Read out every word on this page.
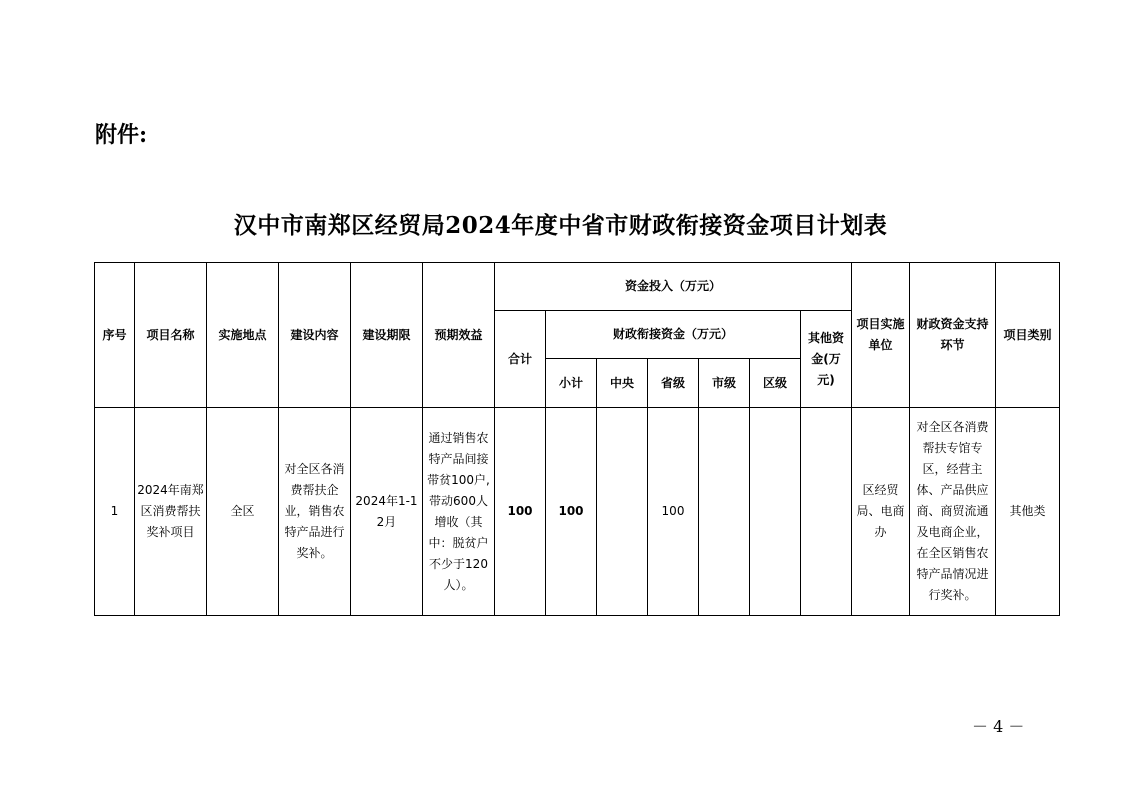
附件:
汉中市南郑区经贸局2024年度中省市财政衔接资金项目计划表
序号	项目名称	实施地点	建设内容	建设期限	预期效益	资金投入（万元）							项目实施单位	财政资金支持环节	项目类别
						合计	财政衔接资金（万元）					其他资金(万元)			
							小计	中央	省级	市级	区级				
1	2024年南郑区消费帮扶奖补项目	全区	对全区各消费帮扶企业，销售农特产品进行奖补。	2024年1-12月	通过销售农特产品间接带贫100户,带动600人增收（其中：脱贫户不少于120人）。	100	100		100				区经贸局、电商办	对全区各消费帮扶专馆专区，经营主体、产品供应商、商贸流通及电商企业，在全区销售农特产品情况进行奖补。	其他类
－ 4 －
